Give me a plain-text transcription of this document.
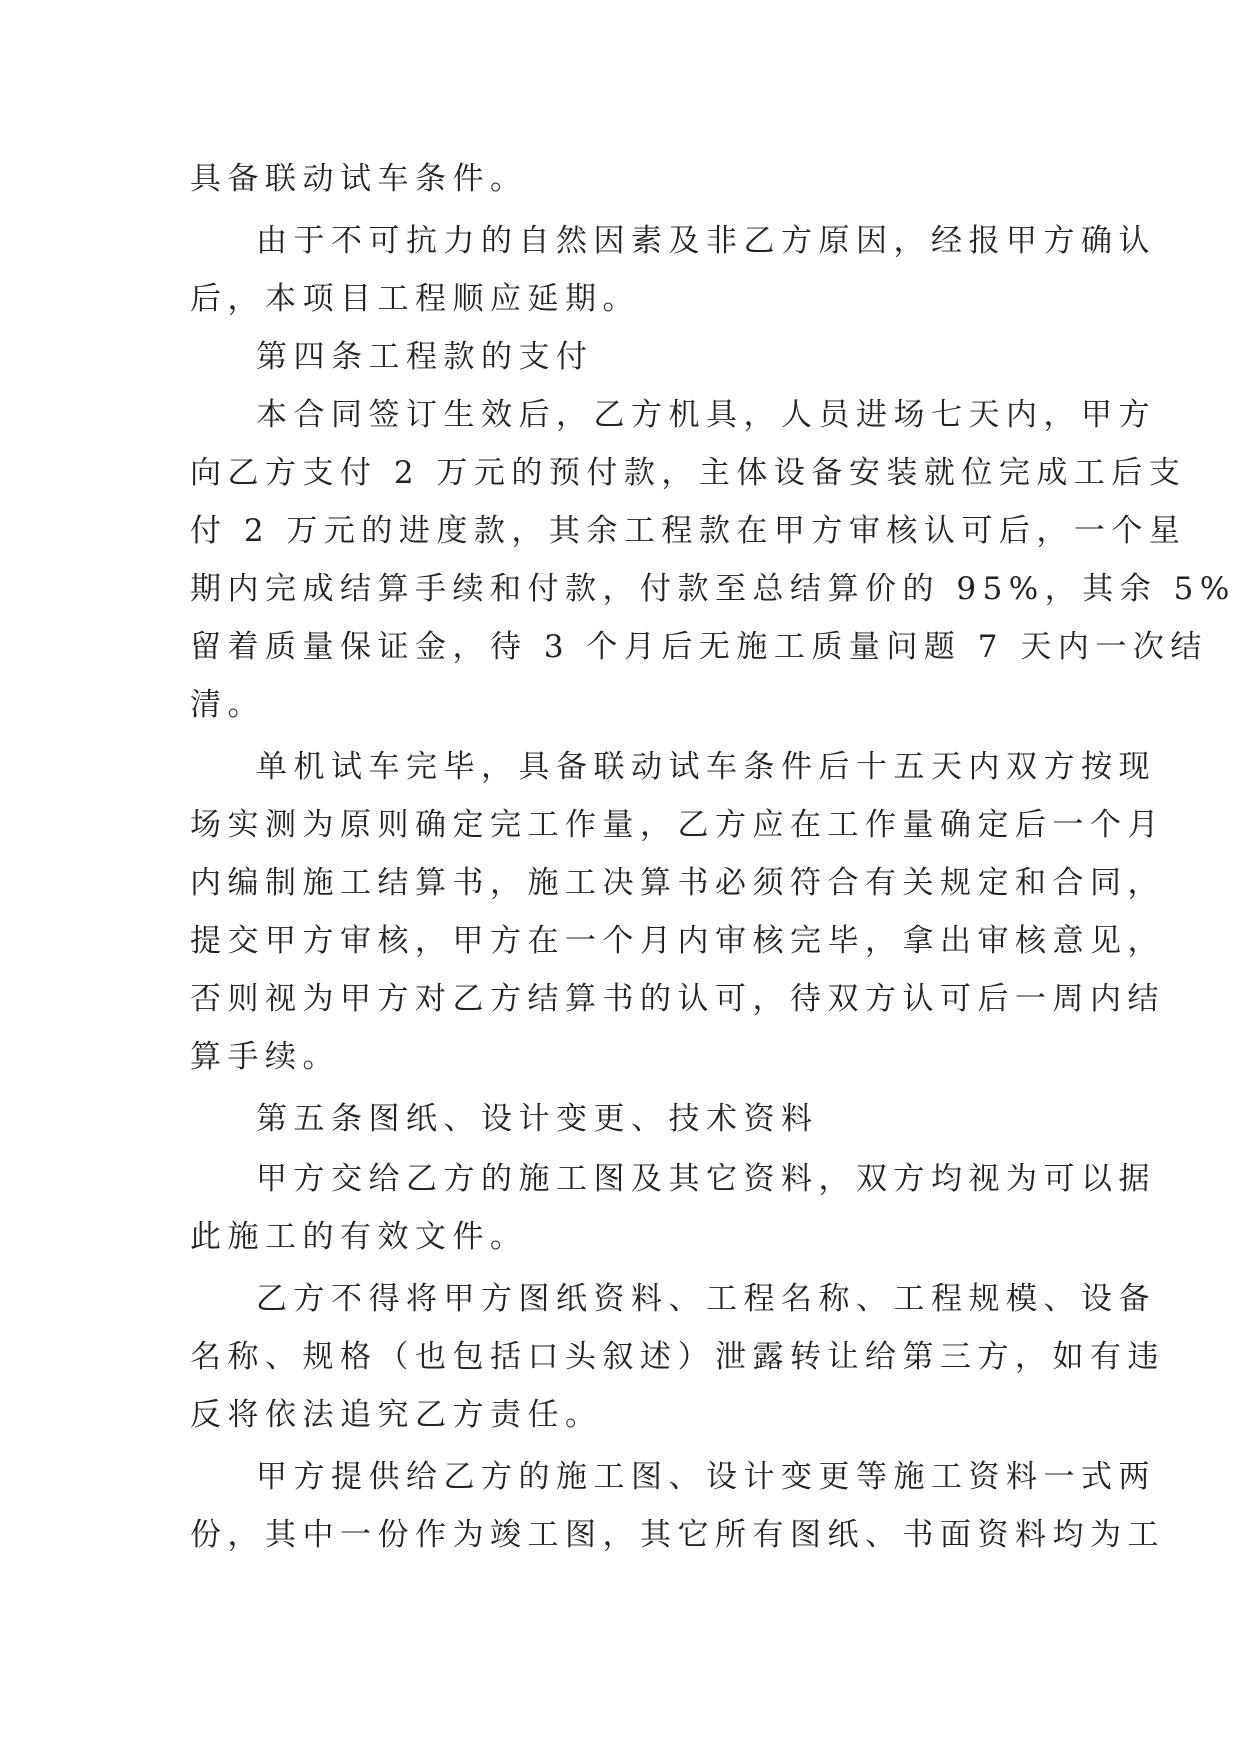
具备联动试车条件。
由于不可抗力的自然因素及非乙方原因，经报甲方确认
后，本项目工程顺应延期。
第四条工程款的支付
本合同签订生效后，乙方机具，人员进场七天内，甲方
向乙方支付 2 万元的预付款，主体设备安装就位完成工后支
付 2 万元的进度款，其余工程款在甲方审核认可后，一个星
期内完成结算手续和付款，付款至总结算价的 95%，其余 5%
留着质量保证金，待 3 个月后无施工质量问题 7 天内一次结
清。
单机试车完毕，具备联动试车条件后十五天内双方按现
场实测为原则确定完工作量，乙方应在工作量确定后一个月
内编制施工结算书，施工决算书必须符合有关规定和合同，
提交甲方审核，甲方在一个月内审核完毕，拿出审核意见，
否则视为甲方对乙方结算书的认可，待双方认可后一周内结
算手续。
第五条图纸、设计变更、技术资料
甲方交给乙方的施工图及其它资料，双方均视为可以据
此施工的有效文件。
乙方不得将甲方图纸资料、工程名称、工程规模、设备
名称、规格（也包括口头叙述）泄露转让给第三方，如有违
反将依法追究乙方责任。
甲方提供给乙方的施工图、设计变更等施工资料一式两
份，其中一份作为竣工图，其它所有图纸、书面资料均为工
